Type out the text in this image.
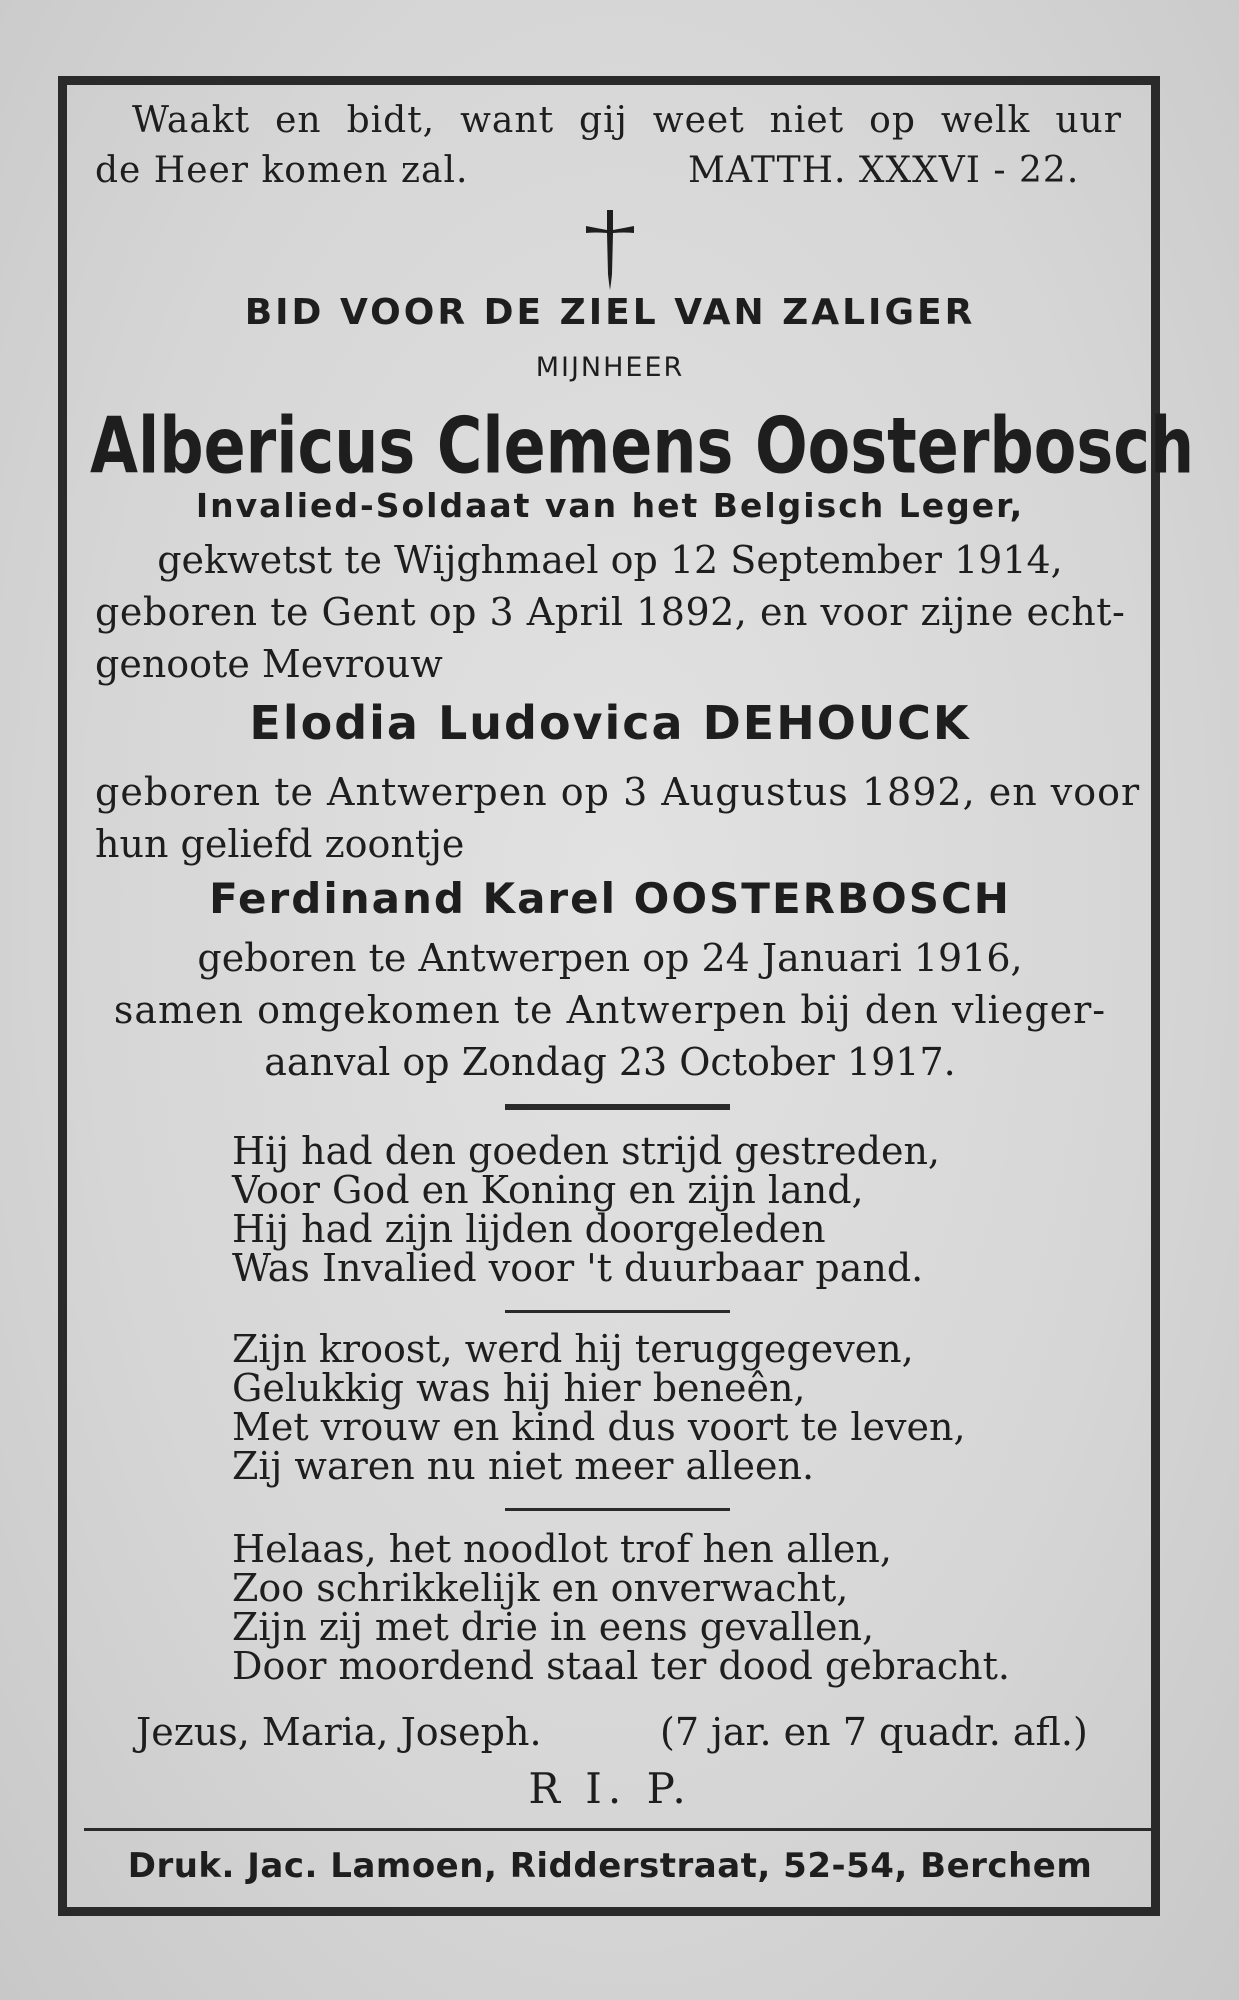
Waakt en bidt, want gij weet niet op welk uur
de Heer komen zal.	MATTH. XXXVI - 22.
BID VOOR DE ZIEL VAN ZALIGER
MIJNHEER
Albericus Clemens Oosterbosch
Invalied-Soldaat van het Belgisch Leger,
gekwetst te Wijghmael op 12 September 1914,
geboren te Gent op 3 April 1892, en voor zijne echt-
genoote Mevrouw
Elodia Ludovica DEHOUCK
geboren te Antwerpen op 3 Augustus 1892, en voor
hun geliefd zoontje
Ferdinand Karel OOSTERBOSCH
geboren te Antwerpen op 24 Januari 1916,
samen omgekomen te Antwerpen bij den vlieger-
aanval op Zondag 23 October 1917.
Hij had den goeden strijd gestreden,
Voor God en Koning en zijn land,
Hij had zijn lijden doorgeleden
Was Invalied voor 't duurbaar pand.
Zijn kroost, werd hij teruggegeven,
Gelukkig was hij hier beneên,
Met vrouw en kind dus voort te leven,
Zij waren nu niet meer alleen.
Helaas, het noodlot trof hen allen,
Zoo schrikkelijk en onverwacht,
Zijn zij met drie in eens gevallen,
Door moordend staal ter dood gebracht.
Jezus, Maria, Joseph.	(7 jar. en 7 quadr. afl.)
R I. P.
Druk. Jac. Lamoen, Ridderstraat, 52-54, Berchem
